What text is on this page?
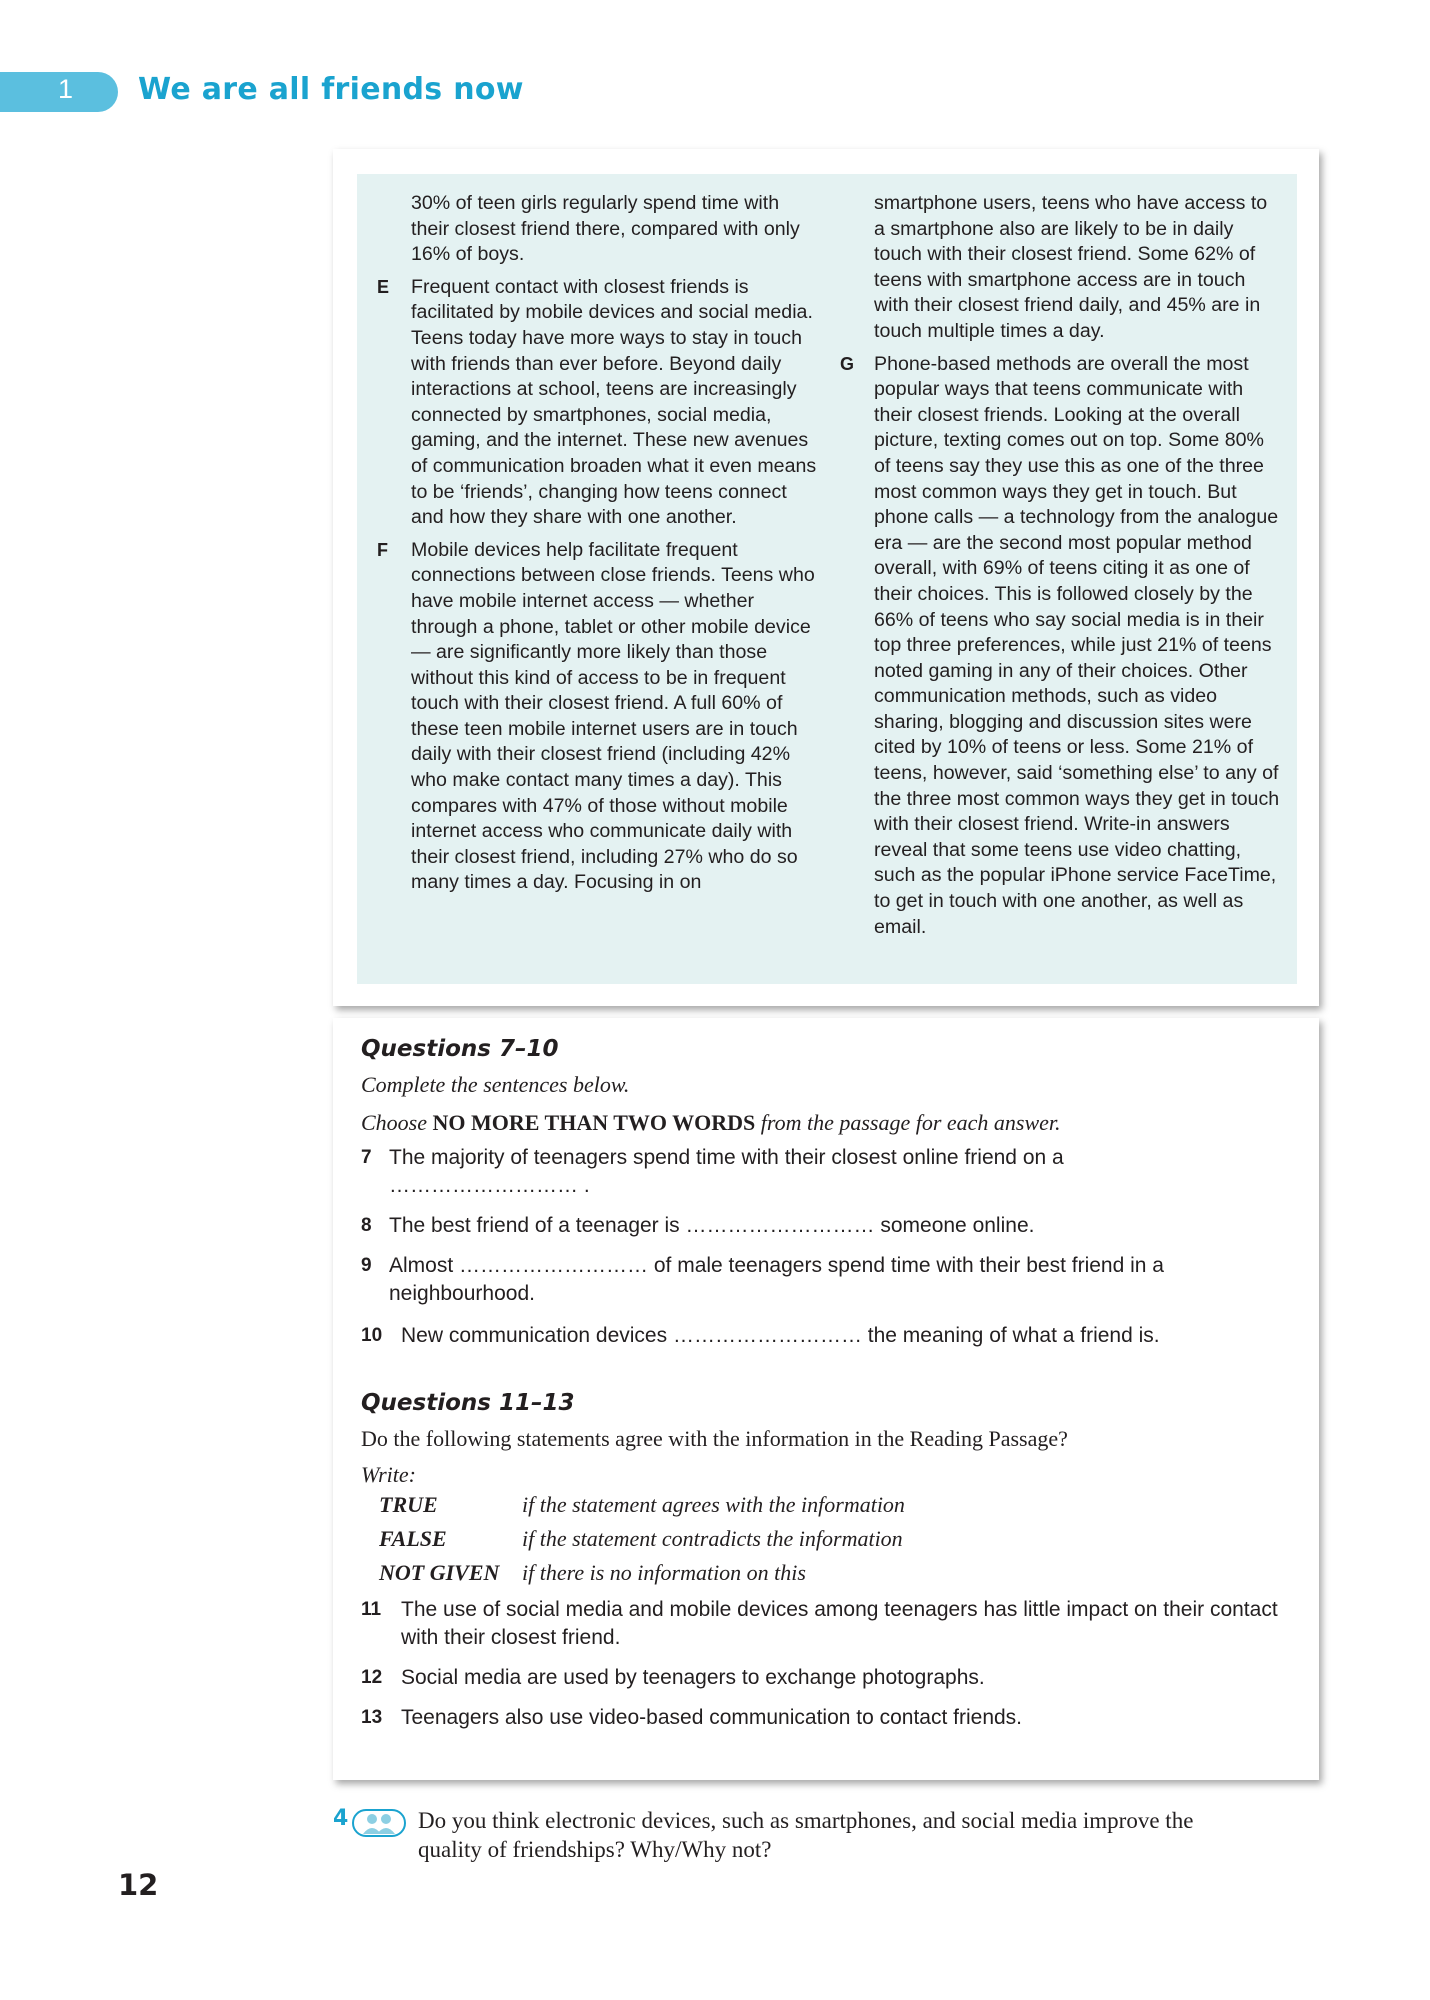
1 We are all friends now
30% of teen girls regularly spend time with their closest friend there, compared with only 16% of boys.
E Frequent contact with closest friends is facilitated by mobile devices and social media. Teens today have more ways to stay in touch with friends than ever before. Beyond daily interactions at school, teens are increasingly connected by smartphones, social media, gaming, and the internet. These new avenues of communication broaden what it even means to be ‘friends’, changing how teens connect and how they share with one another.
F Mobile devices help facilitate frequent connections between close friends. Teens who have mobile internet access — whether through a phone, tablet or other mobile device — are significantly more likely than those without this kind of access to be in frequent touch with their closest friend. A full 60% of these teen mobile internet users are in touch daily with their closest friend (including 42% who make contact many times a day). This compares with 47% of those without mobile internet access who communicate daily with their closest friend, including 27% who do so many times a day. Focusing in on
smartphone users, teens who have access to a smartphone also are likely to be in daily touch with their closest friend. Some 62% of teens with smartphone access are in touch with their closest friend daily, and 45% are in touch multiple times a day.
G Phone-based methods are overall the most popular ways that teens communicate with their closest friends. Looking at the overall picture, texting comes out on top. Some 80% of teens say they use this as one of the three most common ways they get in touch. But phone calls — a technology from the analogue era — are the second most popular method overall, with 69% of teens citing it as one of their choices. This is followed closely by the 66% of teens who say social media is in their top three preferences, while just 21% of teens noted gaming in any of their choices. Other communication methods, such as video sharing, blogging and discussion sites were cited by 10% of teens or less. Some 21% of teens, however, said ‘something else’ to any of the three most common ways they get in touch with their closest friend. Write-in answers reveal that some teens use video chatting, such as the popular iPhone service FaceTime, to get in touch with one another, as well as email.

Questions 7–10

Complete the sentences below.

Choose NO MORE THAN TWO WORDS from the passage for each answer.

7 The majority of teenagers spend time with their closest online friend on a
……………………… .
8 The best friend of a teenager is ……………………… someone online.
9 Almost ……………………… of male teenagers spend time with their best friend in a
neighbourhood.
10 New communication devices ……………………… the meaning of what a friend is.

Questions 11–13

Do the following statements agree with the information in the Reading Passage?

Write:

TRUE	if the statement agrees with the information
FALSE	if the statement contradicts the information
NOT GIVEN	if there is no information on this
11 The use of social media and mobile devices among teenagers has little impact on their contact with their closest friend.
12 Social media are used by teenagers to exchange photographs.
13 Teenagers also use video-based communication to contact friends.
4	Do you think electronic devices, such as smartphones, and social media improve the quality of friendships? Why/Why not?
12
